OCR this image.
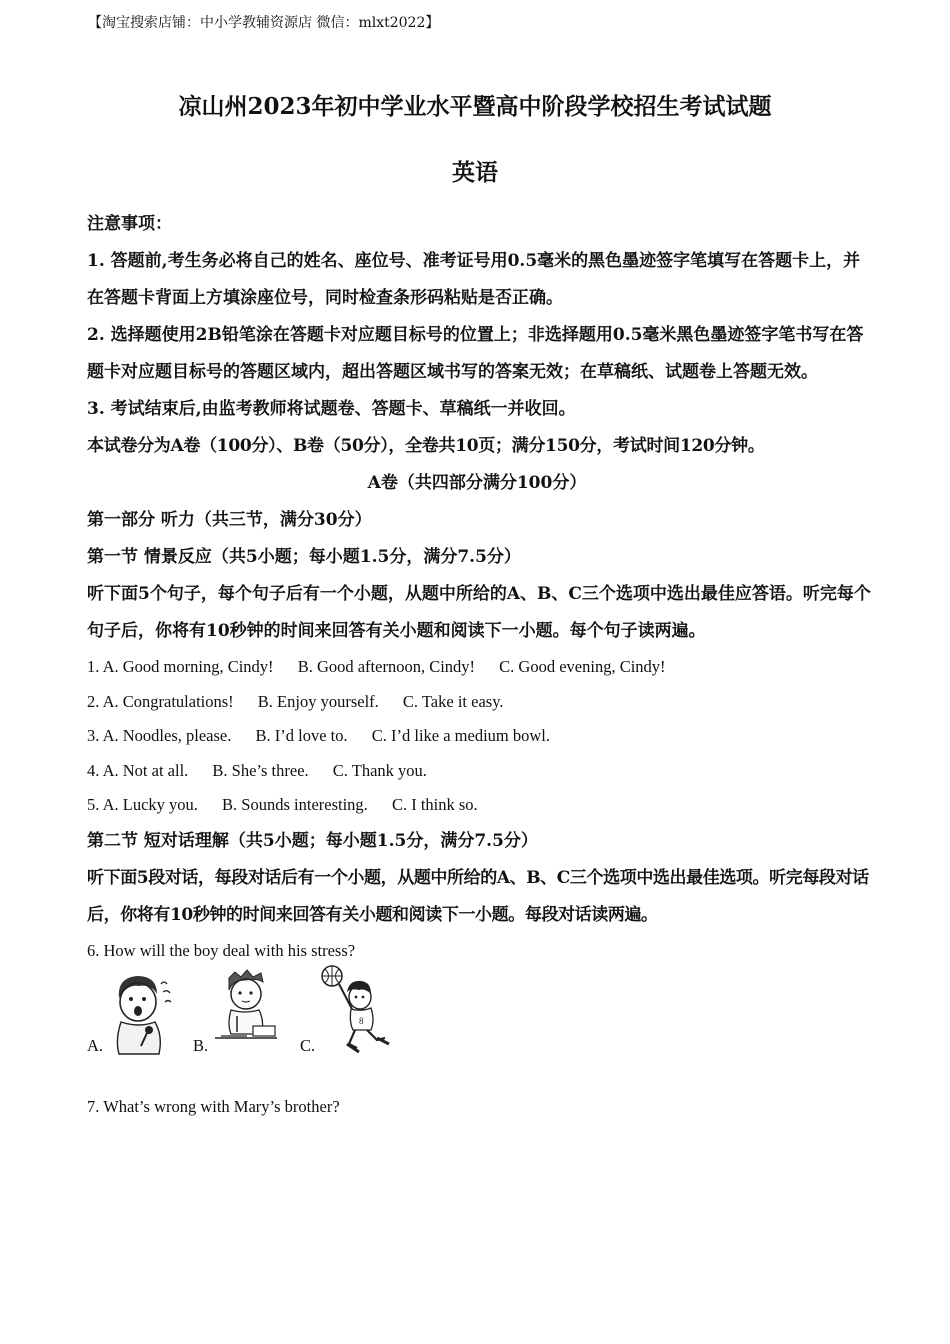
【淘宝搜索店铺：中小学教辅资源店 微信：mlxt2022】
凉山州2023年初中学业水平暨高中阶段学校招生考试试题
英语
注意事项：
1. 答题前,考生务必将自己的姓名、座位号、准考证号用0.5毫米的黑色墨迹签字笔填写在答题卡上，并在答题卡背面上方填涂座位号，同时检查条形码粘贴是否正确。
2. 选择题使用2B铅笔涂在答题卡对应题目标号的位置上；非选择题用0.5毫米黑色墨迹签字笔书写在答题卡对应题目标号的答题区域内，超出答题区域书写的答案无效；在草稿纸、试题卷上答题无效。
3. 考试结束后,由监考教师将试题卷、答题卡、草稿纸一并收回。
本试卷分为A卷（100分）、B卷（50分），全卷共10页；满分150分，考试时间120分钟。
A卷（共四部分满分100分）
第一部分 听力（共三节，满分30分）
第一节 情景反应（共5小题；每小题1.5分，满分7.5分）
听下面5个句子，每个句子后有一个小题，从题中所给的A、B、C三个选项中选出最佳应答语。听完每个句子后，你将有10秒钟的时间来回答有关小题和阅读下一小题。每个句子读两遍。
1. A. Good morning, Cindy! B. Good afternoon, Cindy! C. Good evening, Cindy!
2. A. Congratulations! B. Enjoy yourself. C. Take it easy.
3. A. Noodles, please. B. I’d love to. C. I’d like a medium bowl.
4. A. Not at all. B. She’s three. C. Thank you.
5. A. Lucky you. B. Sounds interesting. C. I think so.
第二节 短对话理解（共5小题；每小题1.5分，满分7.5分）
听下面5段对话，每段对话后有一个小题，从题中所给的A、B、C三个选项中选出最佳选项。听完每段对话后，你将有10秒钟的时间来回答有关小题和阅读下一小题。每段对话读两遍。
6. How will the boy deal with his stress?
A.	B.
8
C.
7. What’s wrong with Mary’s brother?
